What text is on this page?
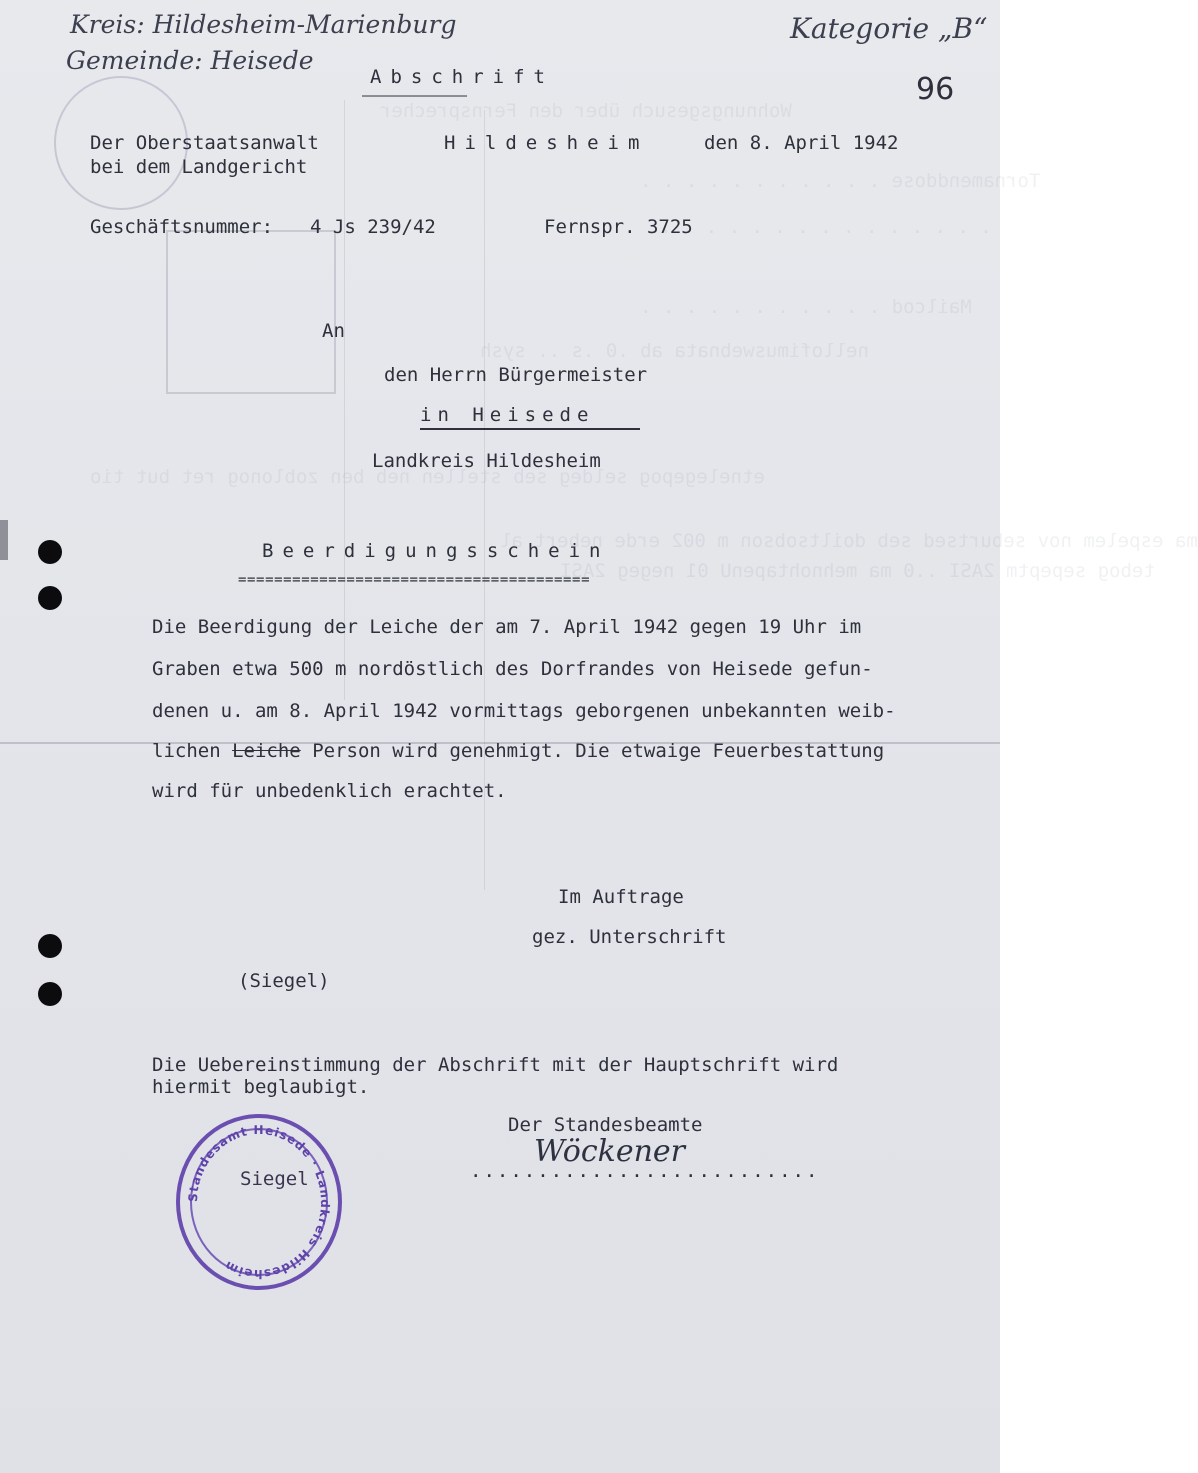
Wohnungsgesuch über den Fernsprecher
Tornamenddose . . . . . . . . . . .
. . . . . . . . . . . . . . .
Mailcod . . . . . . . . . . .
nellofimuswebnata ab .0 .s .. sysh
etnelegepog seldeg seb stellen neb ben zoblonog ret but tio
ma espelem nov seburtsed seb doiltsobson m 002 erde nebert al
tebog sepeptm 2ASI ..0 ma mehnohtapenU 01 negeg 2ASI
Kreis: Hildesheim-Marienburg
Gemeinde: Heisede
Kategorie „B“
96
Abschrift
——————————————
Der Oberstaatsanwalt
bei dem Landgericht
Hildesheim	den 8. April 1942
Geschäftsnummer: 4 Js 239/42	Fernspr. 3725
An
den Herrn Bürgermeister
in Heisede
Landkreis Hildesheim
Beerdigungsschein
=======================================
Die Beerdigung der Leiche der am 7. April 1942 gegen 19 Uhr im
Graben etwa 500 m nordöstlich des Dorfrandes von Heisede gefun-
denen u. am 8. April 1942 vormittags geborgenen unbekannten weib-
lichen Leiche Person wird genehmigt. Die etwaige Feuerbestattung
wird für unbedenklich erachtet.
Im Auftrage
gez. Unterschrift
(Siegel)
Die Uebereinstimmung der Abschrift mit der Hauptschrift wird
hiermit beglaubigt.
Der Standesbeamte
..........................
Wöckener
Standesamt Heisede · Landkreis Hildesheim
Siegel
